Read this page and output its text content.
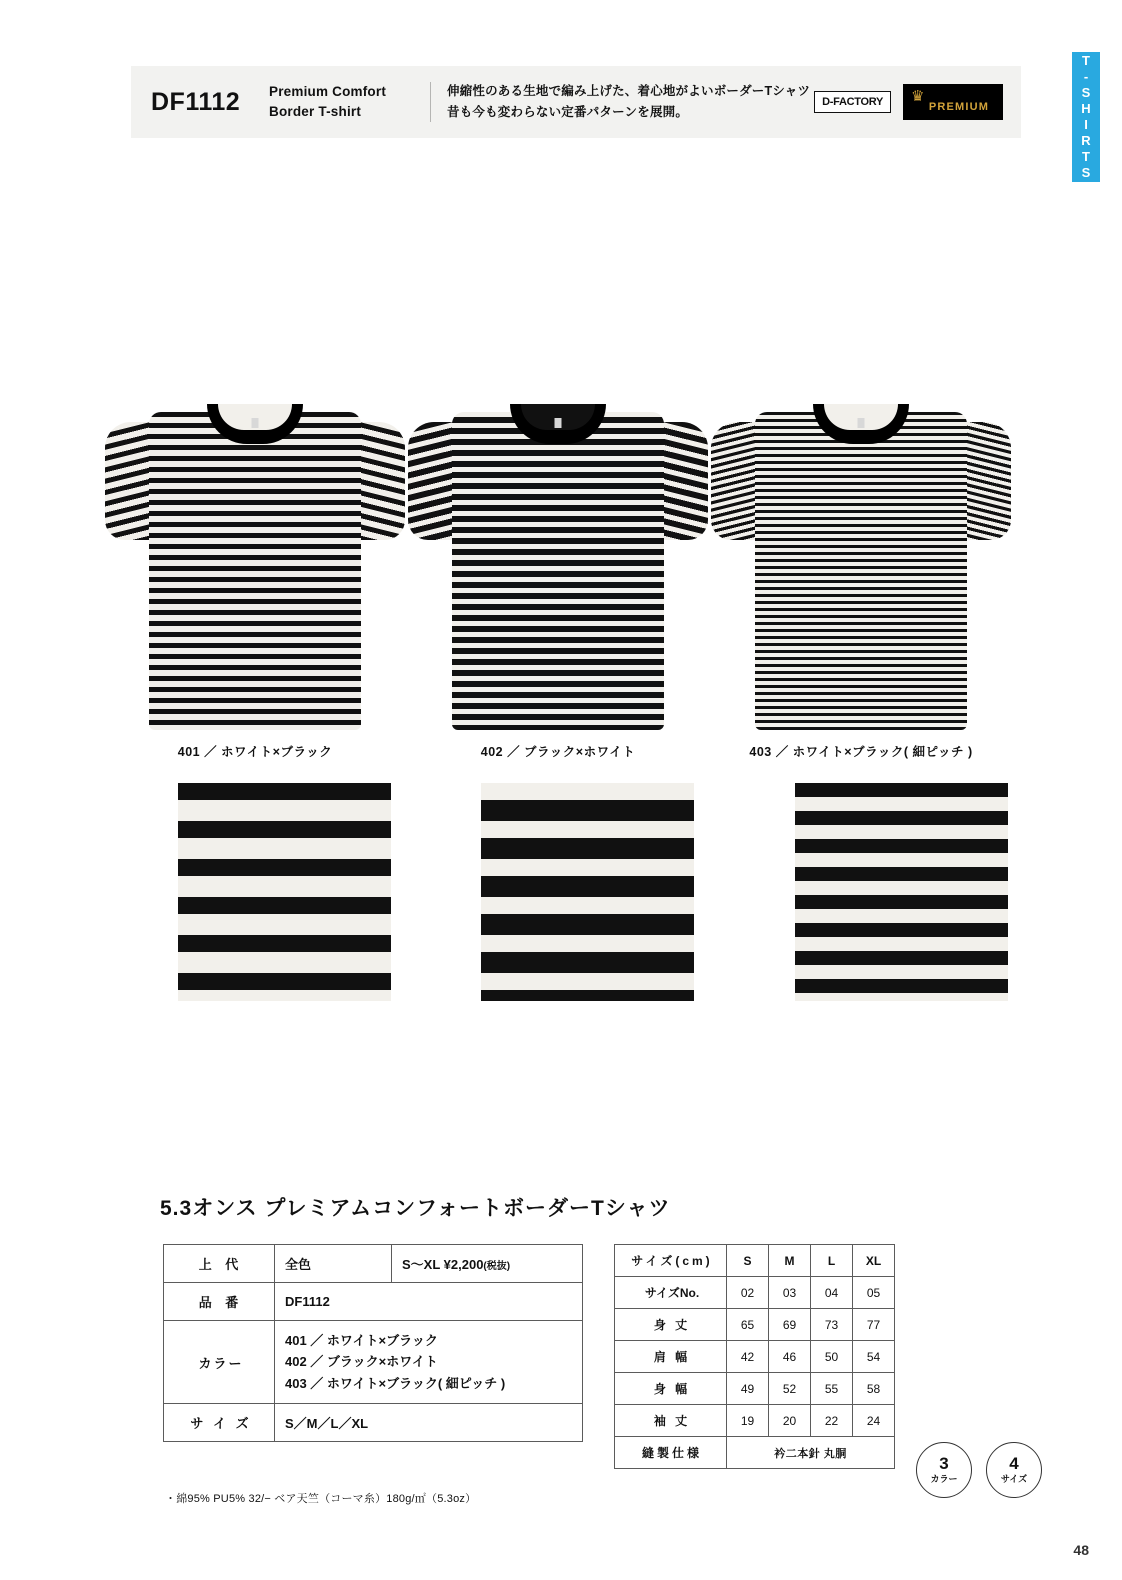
DF1112	Premium Comfort
Border T-shirt
伸縮性のある生地で編み上げた、着心地がよいボーダーTシャツ
昔も今も変わらない定番パターンを展開。
D-FACTORY	♛
PREMIUM	T-SHIRTS
401 ／ ホワイト×ブラック	402 ／ ブラック×ホワイト	403 ／ ホワイト×ブラック( 細ピッチ )
5.3オンス プレミアムコンフォートボーダーTシャツ
上 代	全色	S〜XL ¥2,200(税抜)
品 番	DF1112	
カラー	401 ／ ホワイト×ブラック
402 ／ ブラック×ホワイト
403 ／ ホワイト×ブラック( 細ピッチ )	

サ イ ズ	S／M／L／XL	
・綿95% PU5% 32/− ベア天竺（コーマ糸）180g/㎡（5.3oz）
サイズ(cm)	S	M	L	XL
サイズNo.	02	03	04	05
身 丈	65	69	73	77
肩 幅	42	46	50	54
身 幅	49	52	55	58
袖 丈	19	20	22	24
縫製仕様	衿二本針 丸胴			
3
カラー
4
サイズ
48
